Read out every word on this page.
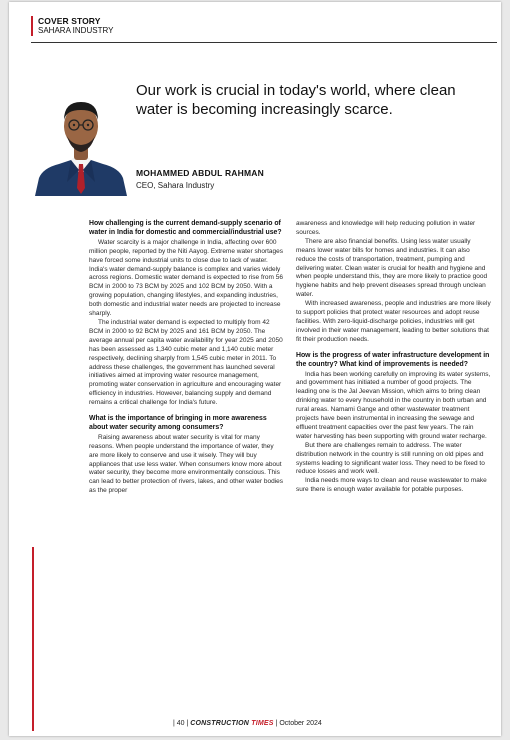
COVER STORY
SAHARA INDUSTRY
Our work is crucial in today's world, where clean water is becoming increasingly scarce.
MOHAMMED ABDUL RAHMAN
CEO, Sahara Industry
How challenging is the current demand-supply scenario of water in India for domestic and commercial/industrial use?

Water scarcity is a major challenge in India, affecting over 600 million people, reported by the Niti Aayog. Extreme water shortages have forced some industrial units to close due to lack of water. India's water demand-supply balance is complex and varies widely across regions. Domestic water demand is expected to rise from 56 BCM in 2000 to 73 BCM by 2025 and 102 BCM by 2050. With a growing population, changing lifestyles, and expanding industries, both domestic and industrial water needs are projected to increase sharply.

The industrial water demand is expected to multiply from 42 BCM in 2000 to 92 BCM by 2025 and 161 BCM by 2050. The average annual per capita water availability for year 2025 and 2050 has been assessed as 1,340 cubic meter and 1,140 cubic meter respectively, declining sharply from 1,545 cubic meter in 2011. To address these challenges, the government has launched several initiatives aimed at improving water resource management, promoting water conservation in agriculture and encouraging water efficiency in industries. However, balancing supply and demand remains a critical challenge for India's future.

What is the importance of bringing in more awareness about water security among consumers?

Raising awareness about water security is vital for many reasons. When people understand the importance of water, they are more likely to conserve and use it wisely. They will buy appliances that use less water. When consumers know more about water security, they become more environmentally conscious. This can lead to better protection of rivers, lakes, and other water bodies as the proper

awareness and knowledge will help reducing pollution in water sources.

There are also financial benefits. Using less water usually means lower water bills for homes and industries. It can also reduce the costs of transportation, treatment, pumping and delivering water. Clean water is crucial for health and hygiene and when people understand this, they are more likely to practice good hygiene habits and help prevent diseases spread through unclean water.

With increased awareness, people and industries are more likely to support policies that protect water resources and adopt reuse facilities. With zero-liquid-discharge policies, industries will get involved in their water management, leading to better solutions that fit their production needs.

How is the progress of water infrastructure development in the country? What kind of improvements is needed?

India has been working carefully on improving its water systems, and government has initiated a number of good projects. The leading one is the Jal Jeevan Mission, which aims to bring clean drinking water to every household in the country in both urban and rural areas. Namami Gange and other wastewater treatment projects have been instrumental in increasing the sewage and effluent treatment capacities over the past few years. The rain water harvesting has been supporting with ground water recharge.

But there are challenges remain to address. The water distribution network in the country is still running on old pipes and systems leading to significant water loss. They need to be fixed to reduce losses and work well.

India needs more ways to clean and reuse wastewater to make sure there is enough water available for potable purposes.

| 40 | CONSTRUCTION TIMES | October 2024
